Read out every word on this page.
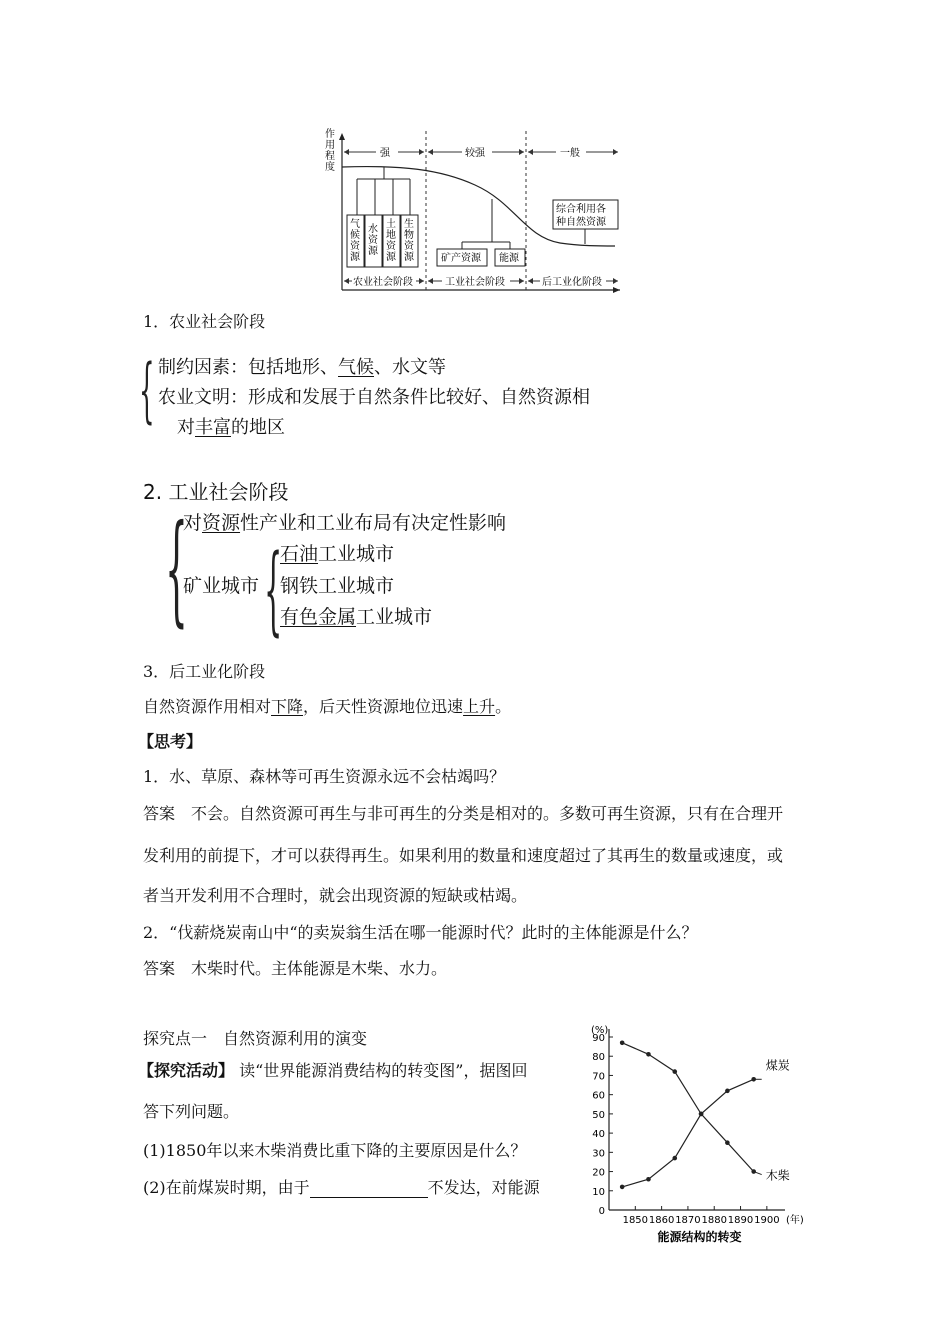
作用程度
强	较强	一般
气候资源
水资源
土地资源
生物资源	矿产资源 能源
综合利用各
种自然资源
农业社会阶段	工业社会阶段	后工业化阶段
1．农业社会阶段
{ 制约因素：包括地形、气候、水文等
农业文明：形成和发展于自然条件比较好、自然资源相
对丰富的地区
2. 工业社会阶段
{
对资源性产业和工业布局有决定性影响
矿业城市 {
石油工业城市
钢铁工业城市
有色金属工业城市
3．后工业化阶段
自然资源作用相对下降，后天性资源地位迅速上升。
【思考】
1．水、草原、森林等可再生资源永远不会枯竭吗？
答案　不会。自然资源可再生与非可再生的分类是相对的。多数可再生资源，只有在合理开
发利用的前提下，才可以获得再生。如果利用的数量和速度超过了其再生的数量或速度，或
者当开发利用不合理时，就会出现资源的短缺或枯竭。
2．“伐薪烧炭南山中“的卖炭翁生活在哪一能源时代？此时的主体能源是什么？
答案　木柴时代。主体能源是木柴、水力。
探究点一　自然资源利用的演变
【探究活动】 读“世界能源消费结构的转变图”，据图回
答下列问题。
(1)1850年以来木柴消费比重下降的主要原因是什么？
(2)在前煤炭时期，由于	不发达，对能源
(%)
0
10
20
30
40
50
60
70
80
90
1850 1860 1870 1880 1890 1900 (年)
木柴
煤炭
能源结构的转变
